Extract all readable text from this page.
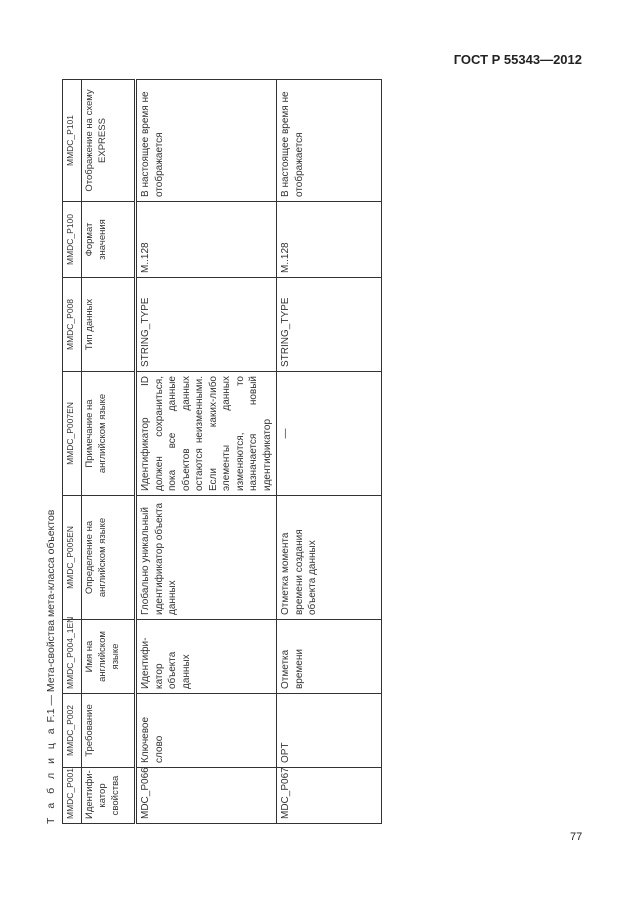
ГОСТ Р 55343—2012
Т а б л и ц а F.1 — Мета-свойства мета-класса объектов
MMDC_P001	MMDC_P002	MMDC_P004_1EN	MMDC_P005EN	MMDC_P007EN	MMDC_P008	MMDC_P100	MMDC_P101
Идентифи-катор свойства	Требование	Имя на английском языке	Определение на английском языке	Примечание на английском языке	Тип данных	Формат значения	Отображение на схему EXPRESS
MDC_P066	Ключевое слово	Идентифи-катор объекта данных	Глобально уникальный идентификатор объекта данных	Идентификатор ID должен сохраниться, пока все данные объектов данных остаются неизменными. Если каких-либо элементы данных изменяются, то назначается новый идентификатор	STRING_TYPE	M..128	В настоящее время не отображается
MDC_P067	OPT	Отметка времени	Отметка момента времени создания объекта данных	—	STRING_TYPE	M..128	В настоящее время не отображается
77
